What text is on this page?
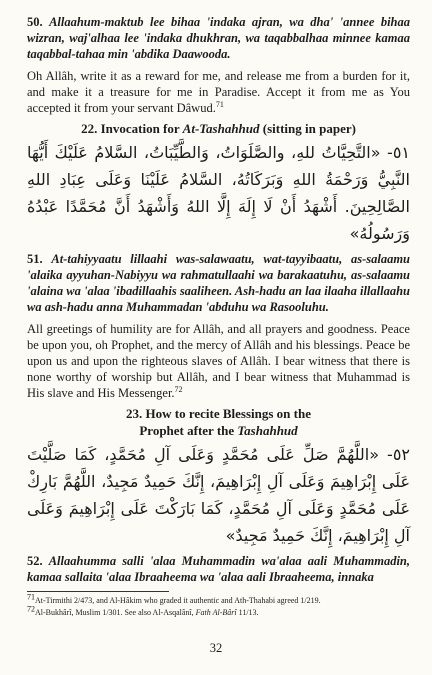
50. Allaahum-maktub lee bihaa 'indaka ajran, wa dha' 'annee bihaa wizran, waj'alhaa lee 'indaka dhukhran, wa taqabbalhaa minnee kamaa taqabbal-tahaa min 'abdika Daawooda.

Oh Allâh, write it as a reward for me, and release me from a burden for it, and make it a treasure for me in Paradise. Accept it from me as You accepted it from your servant Dâwud.$^{71}$

22. Invocation for At-Tashahhud (sitting in paper)

٥١- «التَّحِيَّاتُ للهِ، والصَّلَوَاتُ، وَالطَّيِّبَاتُ، السَّلامُ عَلَيْكَ أَيُّهَا النَّبِيُّ وَرَحْمَةُ اللهِ وَبَرَكَاتُهُ، السَّلامُ عَلَيْنَا وَعَلَى عِبَادِ اللهِ الصَّالِحِينَ. أَشْهَدُ أَنْ لَا إِلَهَ إِلَّا اللهُ وَأَشْهَدُ أَنَّ مُحَمَّدًا عَبْدُهُ وَرَسُولُهُ»

51. At-tahiyyaatu lillaahi was-salawaatu, wat-tayyibaatu, as-salaamu 'alaika ayyuhan-Nabiyyu wa rahmatullaahi wa barakaatuhu, as-salaamu 'alaina wa 'alaa 'ibadillaahis saaliheen. Ash-hadu an laa ilaaha illallaahu wa ash-hadu anna Muhammadan 'abduhu wa Rasooluhu.

All greetings of humility are for Allâh, and all prayers and goodness. Peace be upon you, oh Prophet, and the mercy of Allâh and his blessings. Peace be upon us and upon the righteous slaves of Allâh. I bear witness that there is none worthy of worship but Allâh, and I bear witness that Muhammad is His slave and His Messenger.$^{72}$

23. How to recite Blessings on the
Prophet after the Tashahhud

٥٢- «اللَّهُمَّ صَلِّ عَلَى مُحَمَّدٍ وَعَلَى آلِ مُحَمَّدٍ، كَمَا صَلَّيْتَ عَلَى إِبْرَاهِيمَ وَعَلَى آلِ إِبْرَاهِيمَ، إِنَّكَ حَمِيدٌ مَجِيدٌ، اللَّهُمَّ بَارِكْ عَلَى مُحَمَّدٍ وَعَلَى آلِ مُحَمَّدٍ، كَمَا بَارَكْتَ عَلَى إِبْرَاهِيمَ وَعَلَى آلِ إِبْرَاهِيمَ، إِنَّكَ حَمِيدٌ مَجِيدٌ»

52. Allaahumma salli 'alaa Muhammadin wa'alaa aali Muhammadin, kamaa sallaita 'alaa Ibraaheema wa 'alaa aali Ibraaheema, innaka

$^{71}$At-Tirmithi 2/473, and Al-Hâkim who graded it authentic and Ath-Thahabi agreed 1/219.

$^{72}$Al-Bukhârî, Muslim 1/301. See also Al-Asqalânî, Fath Al-Bârî 11/13.

32
